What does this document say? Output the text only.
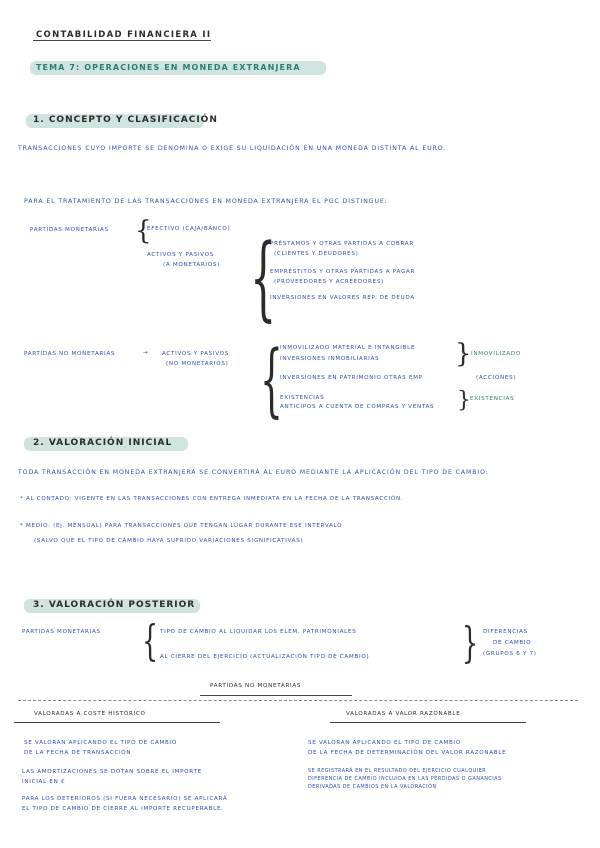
CONTABILIDAD FINANCIERA II
TEMA 7: OPERACIONES EN MONEDA EXTRANJERA
1. CONCEPTO Y CLASIFICACIÓN
TRANSACCIONES CUYO IMPORTE SE DENOMINA O EXIGE SU LIQUIDACIÓN EN UNA MONEDA DISTINTA AL EURO.
PARA EL TRATAMIENTO DE LAS TRANSACCIONES EN MONEDA EXTRANJERA EL PGC DISTINGUE:
PARTIDAS MONETARIAS {
EFECTIVO (CAJA/BANCO)
ACTIVOS Y PASIVOS
(A MONETARIOS) {
PRÉSTAMOS Y OTRAS PARTIDAS A COBRAR
(CLIENTES Y DEUDORES)
EMPRÉSTITOS Y OTRAS PARTIDAS A PAGAR
(PROVEEDORES Y ACREEDORES)
INVERSIONES EN VALORES REP. DE DEUDA
PARTIDAS NO MONETARIAS	→ ACTIVOS Y PASIVOS
(NO MONETARIOS) {
INMOVILIZADO MATERIAL E INTANGIBLE
INVERSIONES INMOBILIARIAS	} INMOVILIZADO
INVERSIONES EN PATRIMONIO OTRAS EMP	(ACCIONES)
EXISTENCIAS
ANTICIPOS A CUENTA DE COMPRAS Y VENTAS } EXISTENCIAS
2. VALORACIÓN INICIAL
TODA TRANSACCIÓN EN MONEDA EXTRANJERA SE CONVERTIRÁ AL EURO MEDIANTE LA APLICACIÓN DEL TIPO DE CAMBIO:
* AL CONTADO: VIGENTE EN LAS TRANSACCIONES CON ENTREGA INMEDIATA EN LA FECHA DE LA TRANSACCIÓN.
* MEDIO: (Ej. MENSUAL) PARA TRANSACCIONES QUE TENGAN LUGAR DURANTE ESE INTERVALO
(SALVO QUE EL TIPO DE CAMBIO HAYA SUFRIDO VARIACIONES SIGNIFICATIVAS)
3. VALORACIÓN POSTERIOR
PARTIDAS MONETARIAS { TIPO DE CAMBIO AL LIQUIDAR LOS ELEM. PATRIMONIALES
AL CIERRE DEL EJERCICIO (ACTUALIZACIÓN TIPO DE CAMBIO) } DIFERENCIAS
DE CAMBIO
(GRUPOS 6 Y 7)
PARTIDAS NO MONETARIAS
VALORADAS A COSTE HISTÓRICO
SE VALORAN APLICANDO EL TIPO DE CAMBIO
DE LA FECHA DE TRANSACCIÓN
LAS AMORTIZACIONES SE DOTAN SOBRE EL IMPORTE
INICIAL EN €
PARA LOS DETERIOROS (SI FUERA NECESARIO) SE APLICARÁ
EL TIPO DE CAMBIO DE CIERRE AL IMPORTE RECUPERABLE.
VALORADAS A VALOR RAZONABLE
SE VALORAN APLICANDO EL TIPO DE CAMBIO
DE LA FECHA DE DETERMINACIÓN DEL VALOR RAZONABLE
SE REGISTRARÁ EN EL RESULTADO DEL EJERCICIO CUALQUIER
DIFERENCIA DE CAMBIO INCLUIDA EN LAS PÉRDIDAS O GANANCIAS
DERIVADAS DE CAMBIOS EN LA VALORACIÓN
